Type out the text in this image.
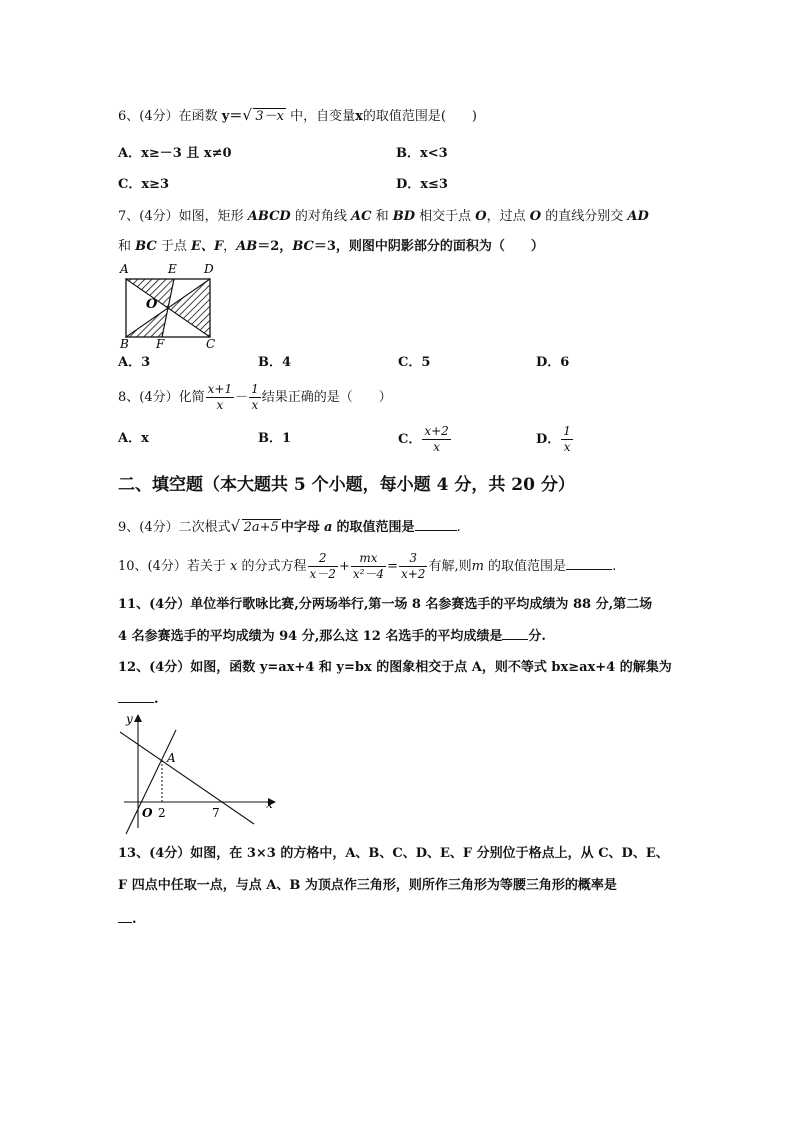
6、(4分）在函数 y＝ √ 3－x 中，自变量x的取值范围是(　　)
A．x≥－3 且 x≠0	B．x<3
C．x≥3	D．x≤3
7、(4分）如图，矩形 ABCD 的对角线 AC 和 BD 相交于点 O，过点 O 的直线分别交 AD
和 BC 于点 E、F，AB＝2，BC＝3，则图中阴影部分的面积为（　　）
A	E D
O
B F	C
A．3	B．4	C．5	D．6
8、(4分）化简 $\frac{x+1}{x} - \frac{1}{x}$ 结果正确的是（　　）
A．x	B．1	C． $\frac{x+2}{x}$	D． $\frac{1}{x}$
二、填空题（本大题共 5 个小题，每小题 4 分，共 20 分）
9、(4分）二次根式 √ 2a+5 中字母 a 的取值范围是	.
10、(4分）若关于 x 的分式方程 $\frac{2}{x-2} + \frac{mx}{\text{x²－4}} = \frac{3}{x+2}$ 有解,则m 的取值范围是	.
11、(4分）单位举行歌咏比赛,分两场举行,第一场 8 名参赛选手的平均成绩为 88 分,第二场
4 名参赛选手的平均成绩为 94 分,那么这 12 名选手的平均成绩是 分.
12、(4分）如图，函数 y=ax+4 和 y=bx 的图象相交于点 A，则不等式 bx≥ax+4 的解集为
.
y
x
A
O 2	7
13、(4分）如图，在 3×3 的方格中，A、B、C、D、E、F 分别位于格点上，从 C、D、E、
F 四点中任取一点，与点 A、B 为顶点作三角形，则所作三角形为等腰三角形的概率是
.
